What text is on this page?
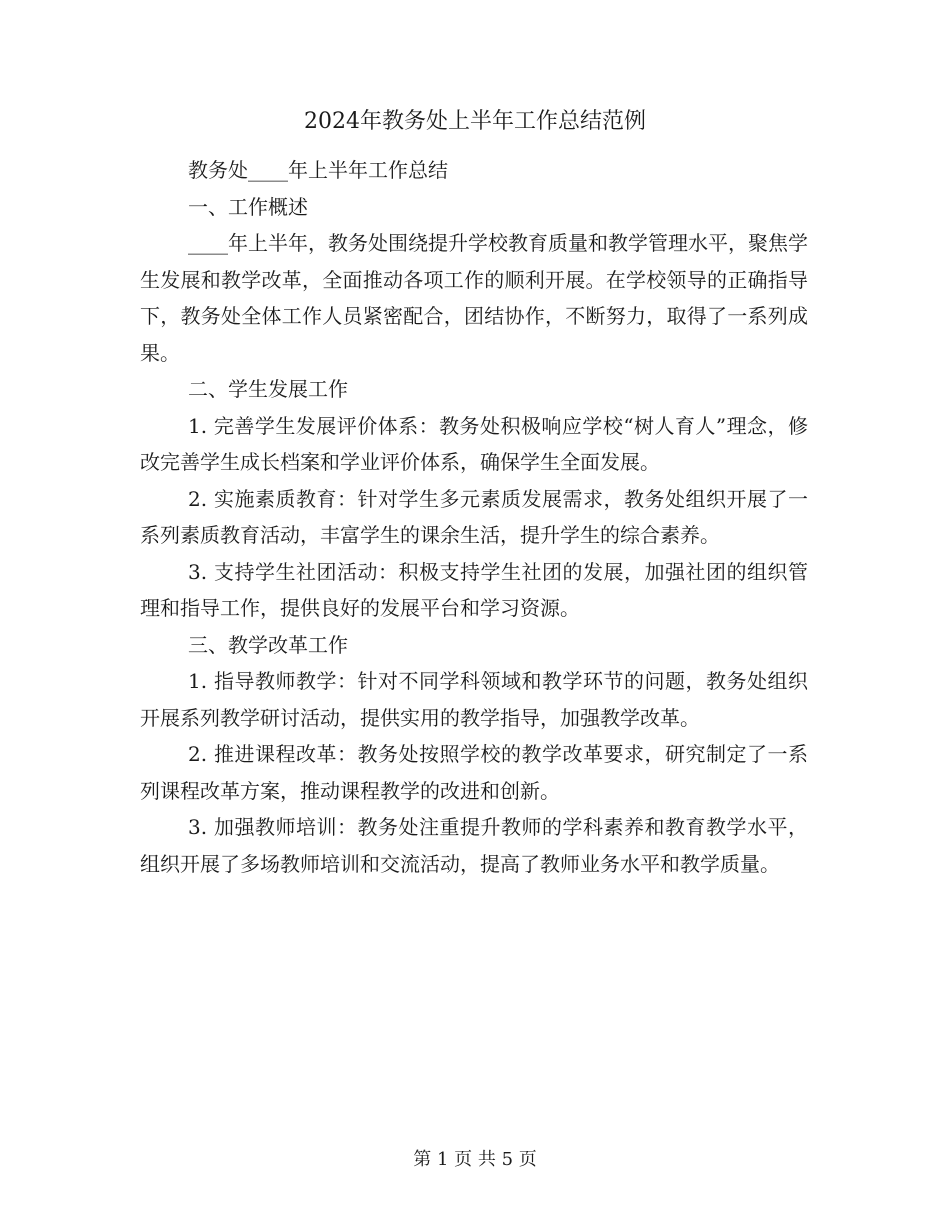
2024年教务处上半年工作总结范例

教务处____年上半年工作总结

一、工作概述

____年上半年，教务处围绕提升学校教育质量和教学管理水平，聚焦学生发展和教学改革，全面推动各项工作的顺利开展。在学校领导的正确指导下，教务处全体工作人员紧密配合，团结协作，不断努力，取得了一系列成果。

二、学生发展工作

1. 完善学生发展评价体系：教务处积极响应学校“树人育人”理念，修改完善学生成长档案和学业评价体系，确保学生全面发展。

2. 实施素质教育：针对学生多元素质发展需求，教务处组织开展了一系列素质教育活动，丰富学生的课余生活，提升学生的综合素养。

3. 支持学生社团活动：积极支持学生社团的发展，加强社团的组织管理和指导工作，提供良好的发展平台和学习资源。

三、教学改革工作

1. 指导教师教学：针对不同学科领域和教学环节的问题，教务处组织开展系列教学研讨活动，提供实用的教学指导，加强教学改革。

2. 推进课程改革：教务处按照学校的教学改革要求，研究制定了一系列课程改革方案，推动课程教学的改进和创新。

3. 加强教师培训：教务处注重提升教师的学科素养和教育教学水平，组织开展了多场教师培训和交流活动，提高了教师业务水平和教学质量。

第 1 页 共 5 页
